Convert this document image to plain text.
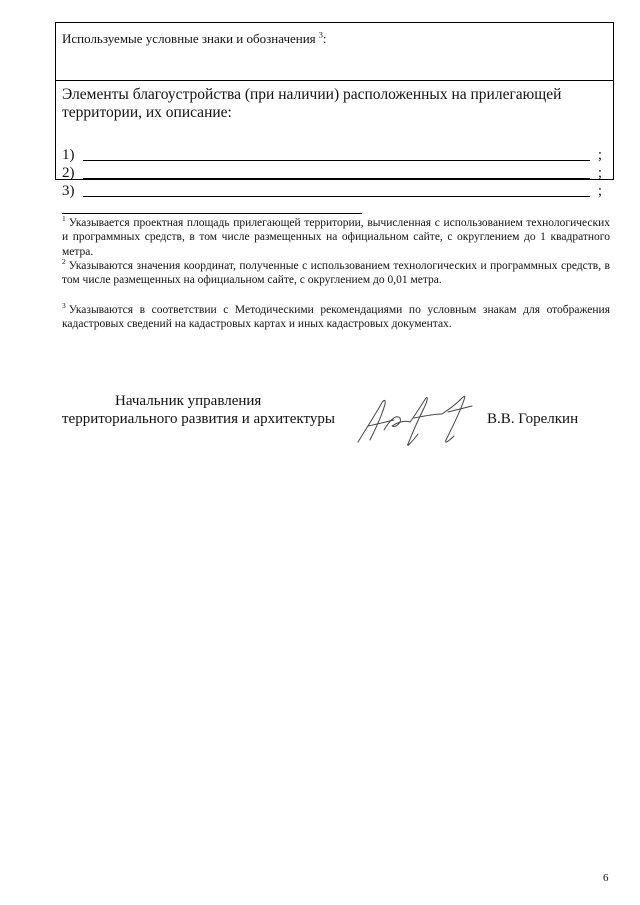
Используемые условные знаки и обозначения $^3$:
Элементы благоустройства (при наличии) расположенных на прилегающей территории, их описание:
1)	;
2)	;
3)	;
$^1$ Указывается проектная площадь прилегающей территории, вычисленная с использованием технологических и программных средств, в том числе размещенных на официальном сайте, с округлением до 1 квадратного метра.
$^2$ Указываются значения координат, полученные с использованием технологических и программных средств, в том числе размещенных на официальном сайте, с округлением до 0,01 метра.
$^3$ Указываются в соответствии с Методическими рекомендациями по условным знакам для отображения кадастровых сведений на кадастровых картах и иных кадастровых документах.
Начальник управления
территориального развития и архитектуры	В.В. Горелкин
6
